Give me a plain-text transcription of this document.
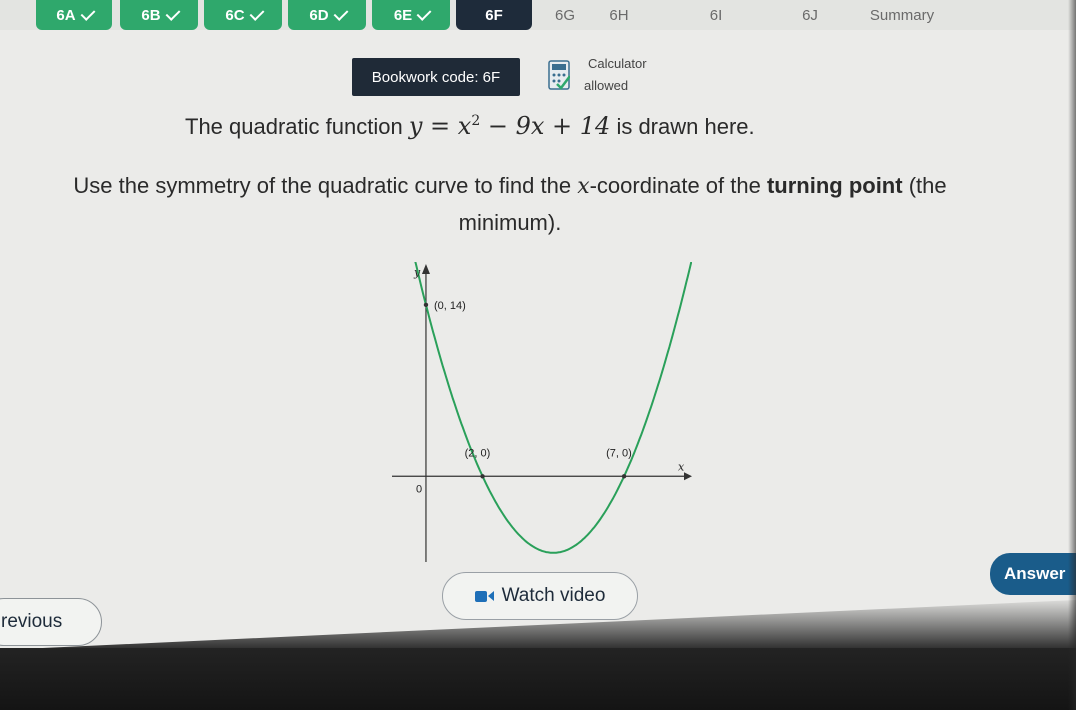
6A	6B	6C	6D	6E	6F	6G 6H	6I	6J	Summary
Bookwork code: 6F
Calculator
allowed
The quadratic function $y = x^2 - 9x + 14$ is drawn here.
Use the symmetry of the quadratic curve to find the x-coordinate of the turning point (the minimum).
(0, 14)
(2, 0)	(7, 0)
x
y
0
Answer
Watch video
revious
